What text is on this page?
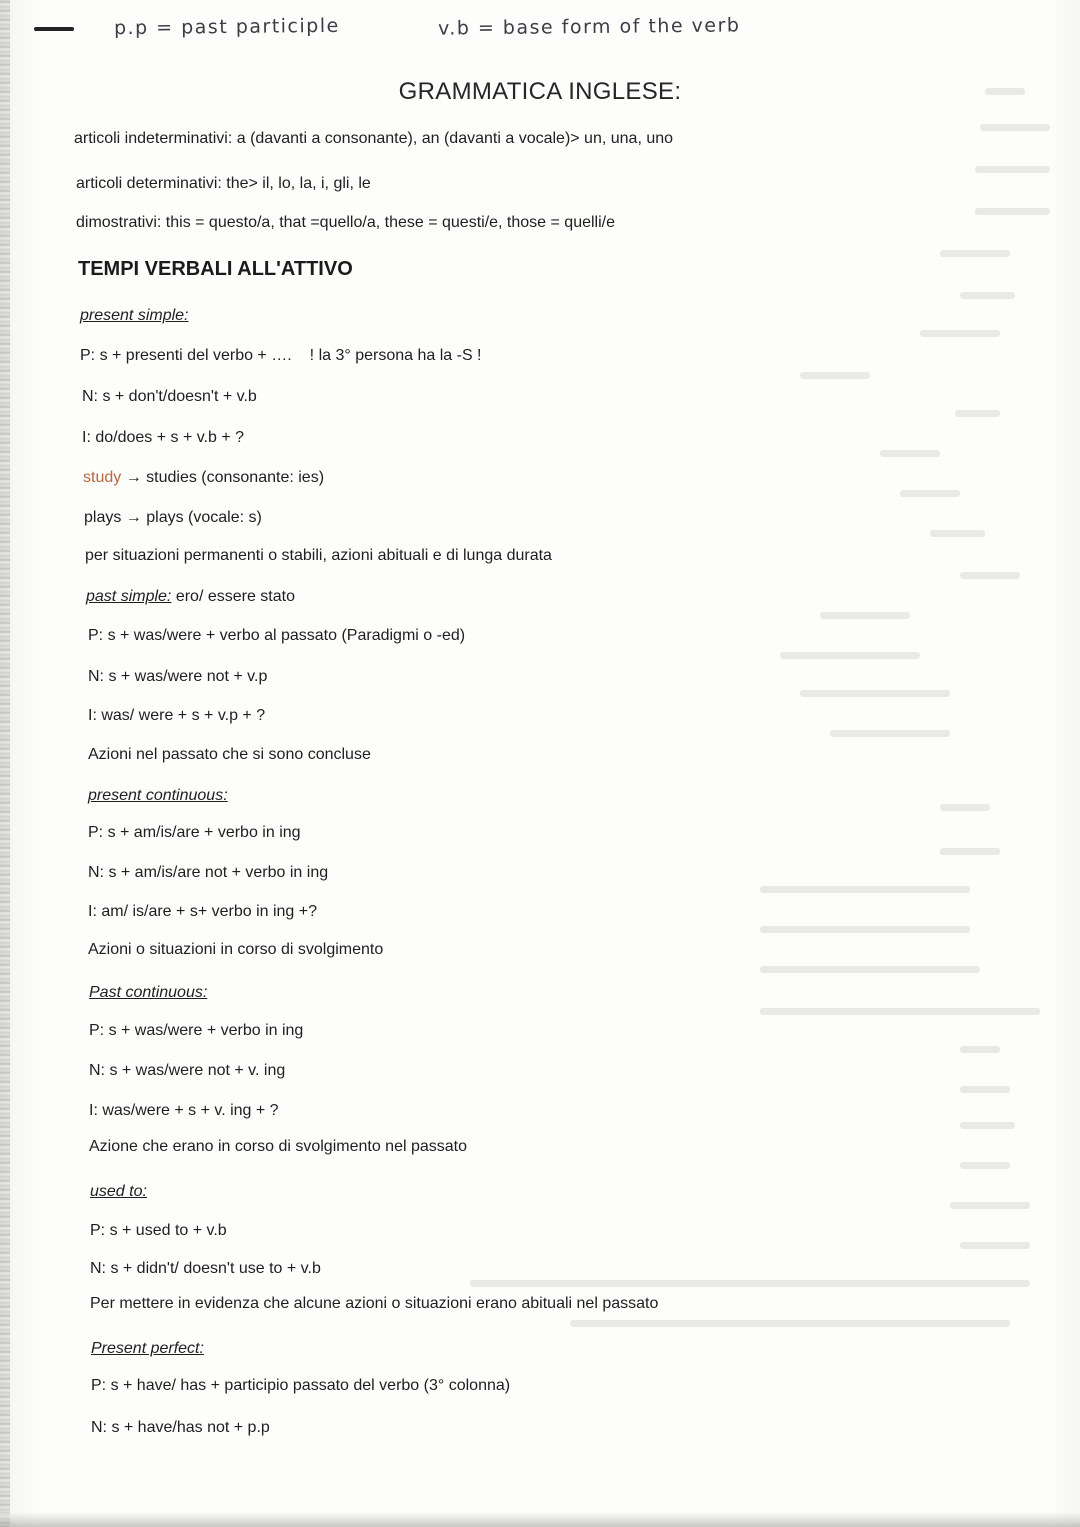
p.p = past participle	v.b = base form of the verb
GRAMMATICA INGLESE:
articoli indeterminativi: a (davanti a consonante), an (davanti a vocale)> un, una, uno
articoli determinativi: the> il, lo, la, i, gli, le
dimostrativi: this = questo/a, that =quello/a, these = questi/e, those = quelli/e
TEMPI VERBALI ALL'ATTIVO
present simple:
P: s + presenti del verbo + …. ! la 3° persona ha la -S !
N: s + don't/doesn't + v.b
I: do/does + s + v.b + ?
study → studies (consonante: ies)
plays → plays (vocale: s)
per situazioni permanenti o stabili, azioni abituali e di lunga durata
past simple: ero/ essere stato
P: s + was/were + verbo al passato (Paradigmi o -ed)
N: s + was/were not + v.p
I: was/ were + s + v.p + ?
Azioni nel passato che si sono concluse
present continuous:
P: s + am/is/are + verbo in ing
N: s + am/is/are not + verbo in ing
I: am/ is/are + s+ verbo in ing +?
Azioni o situazioni in corso di svolgimento
Past continuous:
P: s + was/were + verbo in ing
N: s + was/were not + v. ing
I: was/were + s + v. ing + ?
Azione che erano in corso di svolgimento nel passato
used to:
P: s + used to + v.b
N: s + didn't/ doesn't use to + v.b
Per mettere in evidenza che alcune azioni o situazioni erano abituali nel passato
Present perfect:
P: s + have/ has + participio passato del verbo (3° colonna)
N: s + have/has not + p.p
